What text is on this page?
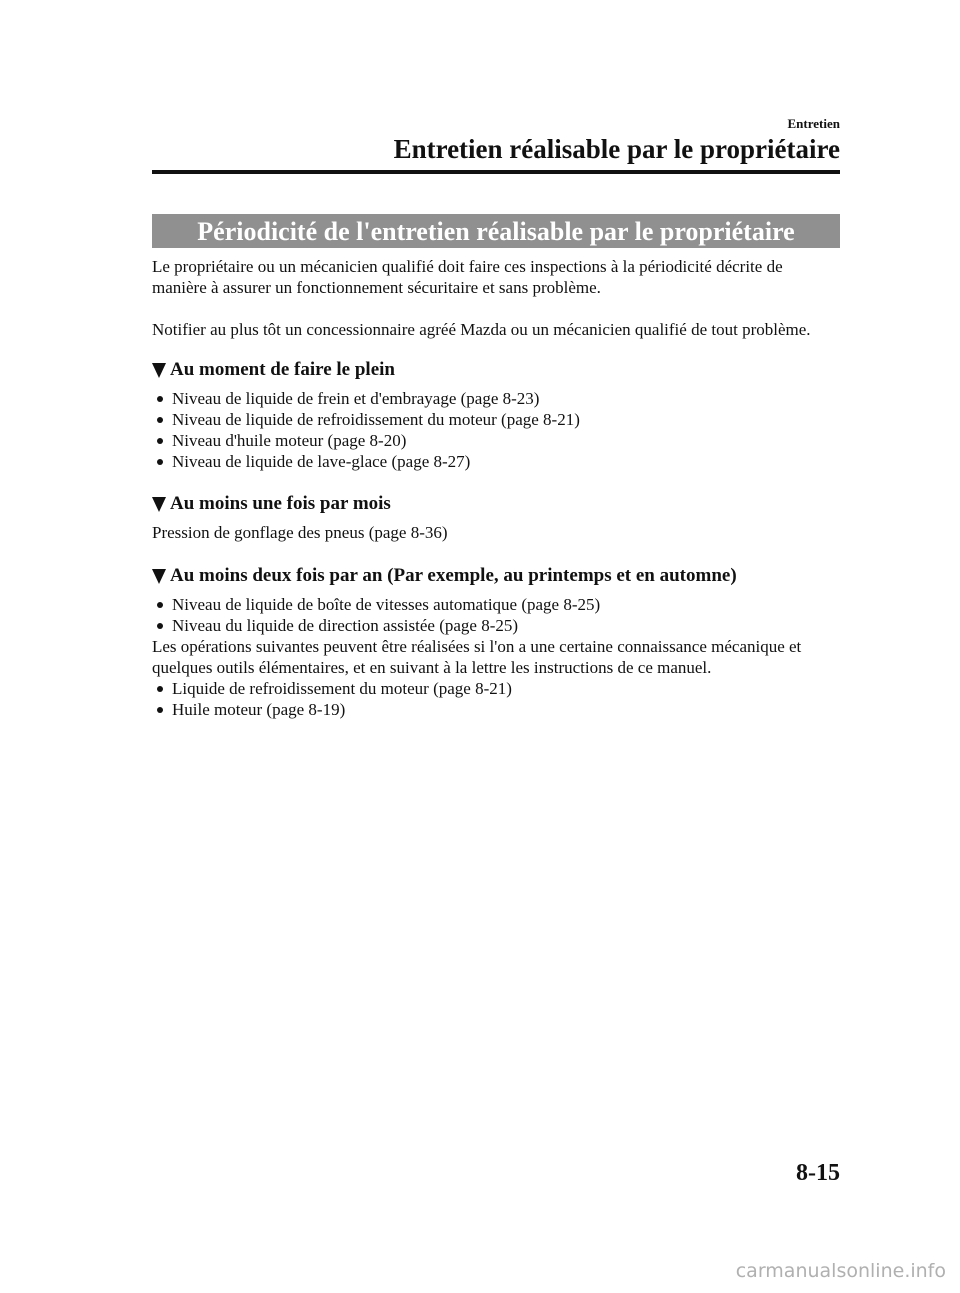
Entretien
Entretien réalisable par le propriétaire
Périodicité de l'entretien réalisable par le propriétaire

Le propriétaire ou un mécanicien qualifié doit faire ces inspections à la périodicité décrite de manière à assurer un fonctionnement sécuritaire et sans problème.

Notifier au plus tôt un concessionnaire agréé Mazda ou un mécanicien qualifié de tout problème.

Au moment de faire le plein
Niveau de liquide de frein et d'embrayage (page 8-23)
Niveau de liquide de refroidissement du moteur (page 8-21)
Niveau d'huile moteur (page 8-20)
Niveau de liquide de lave-glace (page 8-27)
Au moins une fois par mois

Pression de gonflage des pneus (page 8-36)

Au moins deux fois par an (Par exemple, au printemps et en automne)
Niveau de liquide de boîte de vitesses automatique (page 8-25)
Niveau du liquide de direction assistée (page 8-25)

Les opérations suivantes peuvent être réalisées si l'on a une certaine connaissance mécanique et quelques outils élémentaires, et en suivant à la lettre les instructions de ce manuel.

Liquide de refroidissement du moteur (page 8-21)
Huile moteur (page 8-19)
8-15
carmanualsonline.info
